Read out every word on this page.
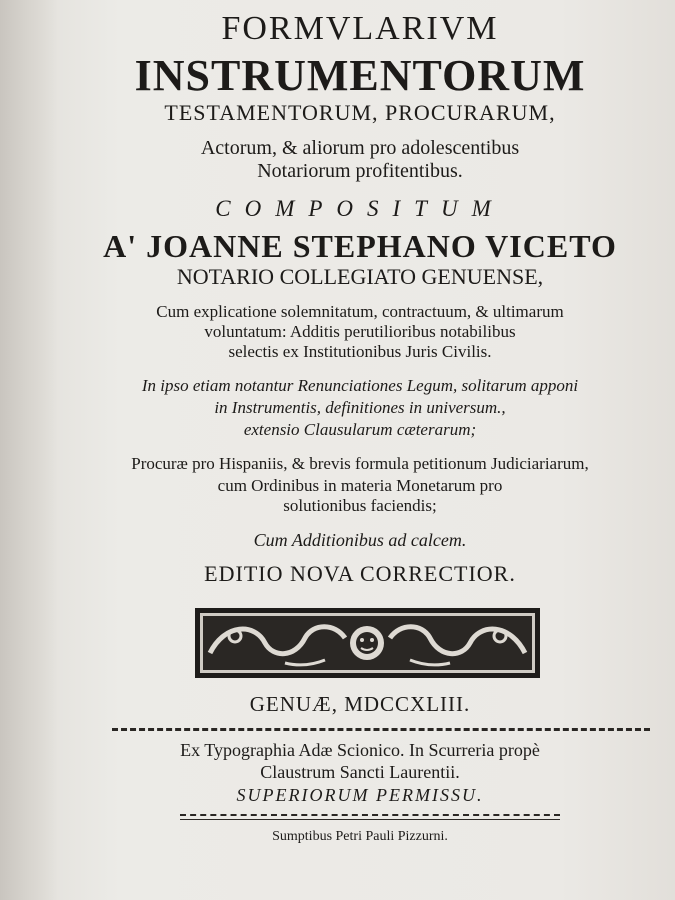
FORMVLARIVM
INSTRUMENTORUM
TESTAMENTORUM, PROCURARUM,
Actorum, & aliorum pro adolescentibus
Notariorum profitentibus.
COMPOSITUM
A' JOANNE STEPHANO VICETO
NOTARIO COLLEGIATO GENUENSE,
Cum explicatione solemnitatum, contractuum, & ultimarum
voluntatum: Additis perutilioribus notabilibus
selectis ex Institutionibus Juris Civilis.
In ipso etiam notantur Renunciationes Legum, solitarum apponi
in Instrumentis, definitiones in universum.,
extensio Clausularum cæterarum;
Procuræ pro Hispaniis, & brevis formula petitionum Judiciariarum,
cum Ordinibus in materia Monetarum pro
solutionibus faciendis;
Cum Additionibus ad calcem.
EDITIO NOVA CORRECTIOR.
GENUÆ, MDCCXLIII.
Ex Typographia Adæ Scionico. In Scurreria propè
Claustrum Sancti Laurentii.
SUPERIORUM PERMISSU.
Sumptibus Petri Pauli Pizzurni.
